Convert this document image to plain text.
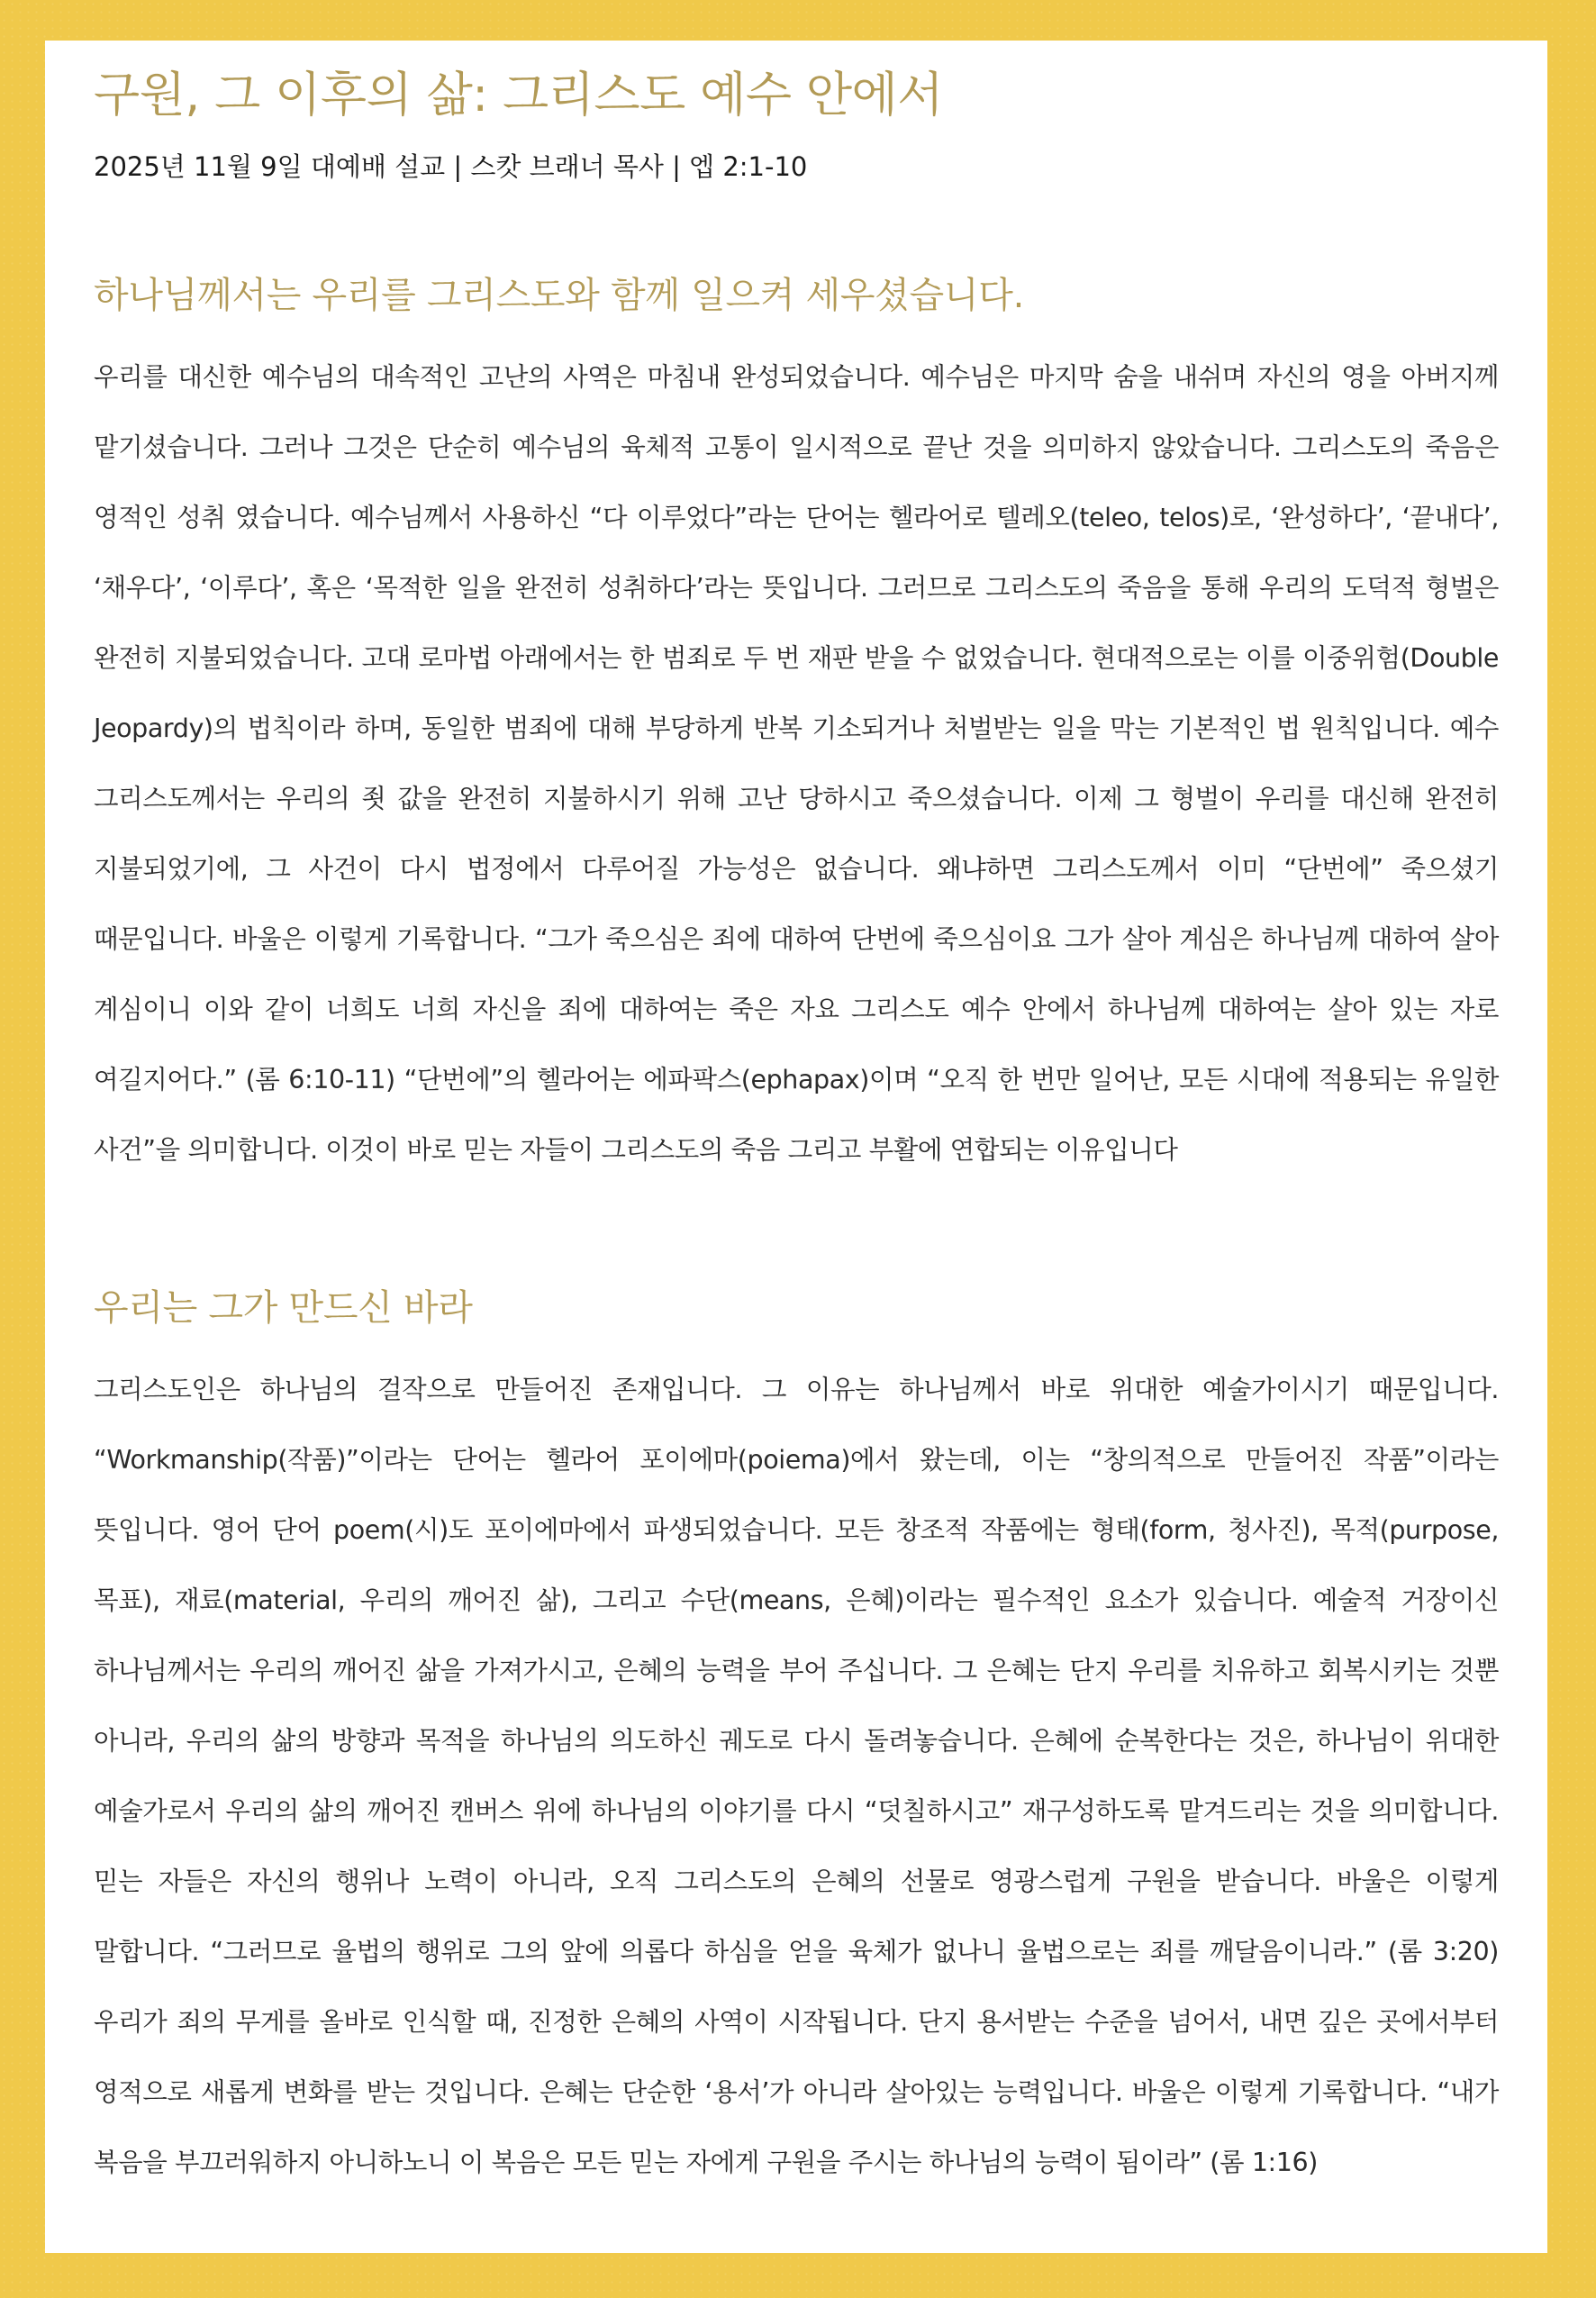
구원, 그 이후의 삶: 그리스도 예수 안에서

2025년 11월 9일 대예배 설교 | 스캇 브래너 목사 | 엡 2:1-10

하나님께서는 우리를 그리스도와 함께 일으켜 세우셨습니다.

우리를 대신한 예수님의 대속적인 고난의 사역은 마침내 완성되었습니다. 예수님은 마지막 숨을 내쉬며 자신의 영을 아버지께 맡기셨습니다. 그러나 그것은 단순히 예수님의 육체적 고통이 일시적으로 끝난 것을 의미하지 않았습니다. 그리스도의 죽음은 영적인 성취 였습니다. 예수님께서 사용하신 “다 이루었다”라는 단어는 헬라어로 텔레오(teleo, telos)로, ‘완성하다’, ‘끝내다’, ‘채우다’, ‘이루다’, 혹은 ‘목적한 일을 완전히 성취하다’라는 뜻입니다. 그러므로 그리스도의 죽음을 통해 우리의 도덕적 형벌은 완전히 지불되었습니다. 고대 로마법 아래에서는 한 범죄로 두 번 재판 받을 수 없었습니다. 현대적으로는 이를 이중위험(Double Jeopardy)의 법칙이라 하며, 동일한 범죄에 대해 부당하게 반복 기소되거나 처벌받는 일을 막는 기본적인 법 원칙입니다. 예수 그리스도께서는 우리의 죗 값을 완전히 지불하시기 위해 고난 당하시고 죽으셨습니다. 이제 그 형벌이 우리를 대신해 완전히 지불되었기에, 그 사건이 다시 법정에서 다루어질 가능성은 없습니다. 왜냐하면 그리스도께서 이미 “단번에” 죽으셨기 때문입니다. 바울은 이렇게 기록합니다. “그가 죽으심은 죄에 대하여 단번에 죽으심이요 그가 살아 계심은 하나님께 대하여 살아 계심이니 이와 같이 너희도 너희 자신을 죄에 대하여는 죽은 자요 그리스도 예수 안에서 하나님께 대하여는 살아 있는 자로 여길지어다.” (롬 6:10-11) “단번에”의 헬라어는 에파팍스(ephapax)이며 “오직 한 번만 일어난, 모든 시대에 적용되는 유일한 사건”을 의미합니다. 이것이 바로 믿는 자들이 그리스도의 죽음 그리고 부활에 연합되는 이유입니다

우리는 그가 만드신 바라

그리스도인은 하나님의 걸작으로 만들어진 존재입니다. 그 이유는 하나님께서 바로 위대한 예술가이시기 때문입니다. “Workmanship(작품)”이라는 단어는 헬라어 포이에마(poiema)에서 왔는데, 이는 “창의적으로 만들어진 작품”이라는 뜻입니다. 영어 단어 poem(시)도 포이에마에서 파생되었습니다. 모든 창조적 작품에는 형태(form, 청사진), 목적(purpose, 목표), 재료(material, 우리의 깨어진 삶), 그리고 수단(means, 은혜)이라는 필수적인 요소가 있습니다. 예술적 거장이신 하나님께서는 우리의 깨어진 삶을 가져가시고, 은혜의 능력을 부어 주십니다. 그 은혜는 단지 우리를 치유하고 회복시키는 것뿐 아니라, 우리의 삶의 방향과 목적을 하나님의 의도하신 궤도로 다시 돌려놓습니다. 은혜에 순복한다는 것은, 하나님이 위대한 예술가로서 우리의 삶의 깨어진 캔버스 위에 하나님의 이야기를 다시 “덧칠하시고” 재구성하도록 맡겨드리는 것을 의미합니다. 믿는 자들은 자신의 행위나 노력이 아니라, 오직 그리스도의 은혜의 선물로 영광스럽게 구원을 받습니다. 바울은 이렇게 말합니다. “그러므로 율법의 행위로 그의 앞에 의롭다 하심을 얻을 육체가 없나니 율법으로는 죄를 깨달음이니라.” (롬 3:20) 우리가 죄의 무게를 올바로 인식할 때, 진정한 은혜의 사역이 시작됩니다. 단지 용서받는 수준을 넘어서, 내면 깊은 곳에서부터 영적으로 새롭게 변화를 받는 것입니다. 은혜는 단순한 ‘용서’가 아니라 살아있는 능력입니다. 바울은 이렇게 기록합니다. “내가 복음을 부끄러워하지 아니하노니 이 복음은 모든 믿는 자에게 구원을 주시는 하나님의 능력이 됨이라” (롬 1:16)
